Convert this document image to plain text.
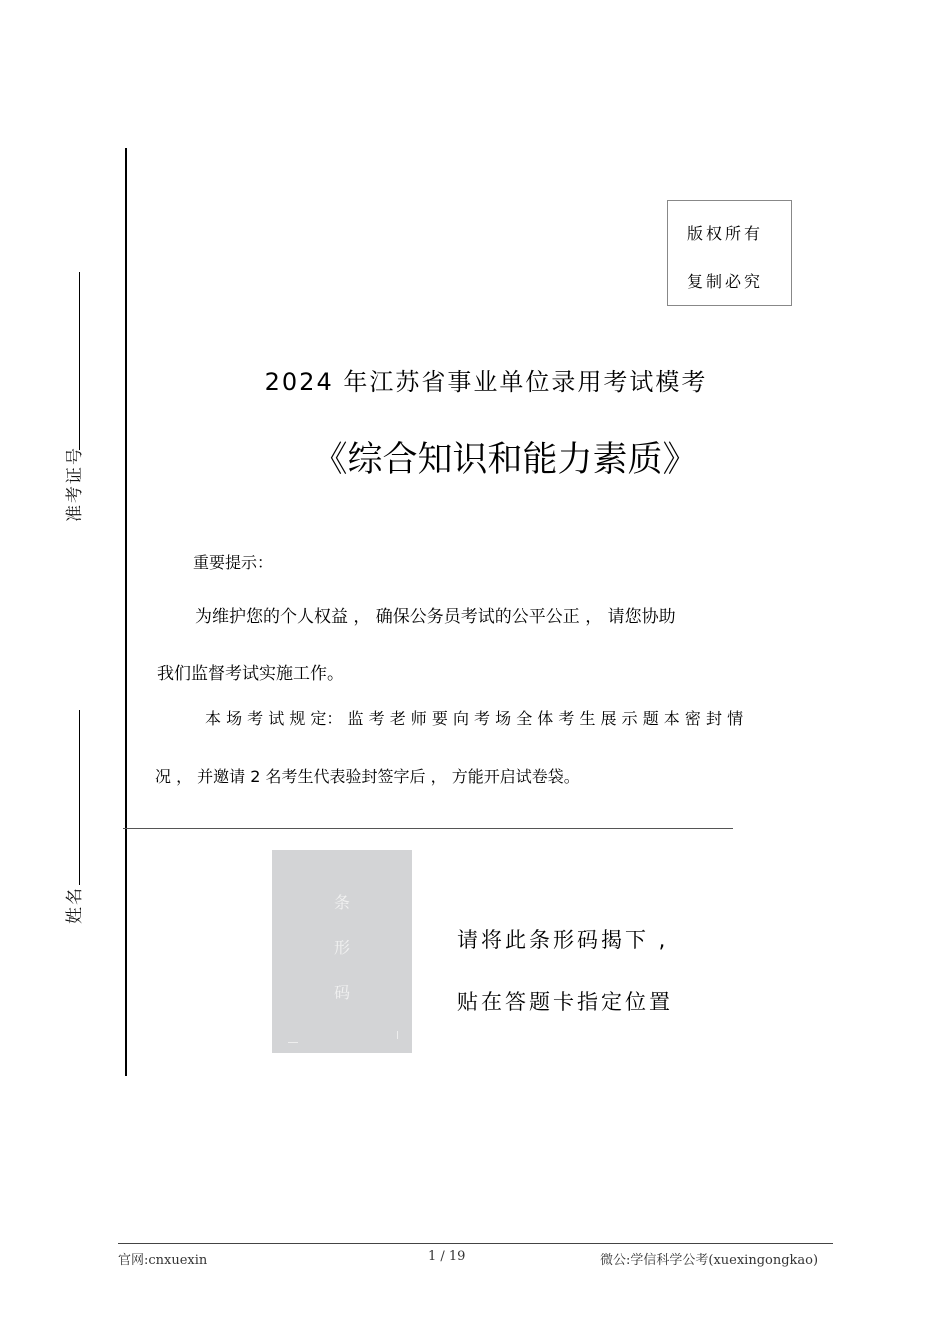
准考证号
姓名
版权所有
复制必究
2024 年江苏省事业单位录用考试模考
《综合知识和能力素质》
重要提示：
为维护您的个人权益 ， 确保公务员考试的公平公正 ， 请您协助
我们监督考试实施工作。
本 场 考 试 规 定： 监 考 老 师 要 向 考 场 全 体 考 生 展 示 题 本 密 封 情
况 ， 并邀请 2 名考生代表验封签字后 ， 方能开启试卷袋。
条
形
码
请将此条形码揭下 ,
贴在答题卡指定位置
官网:cnxuexin	1 / 19	微公:学信科学公考(xuexingongkao)
